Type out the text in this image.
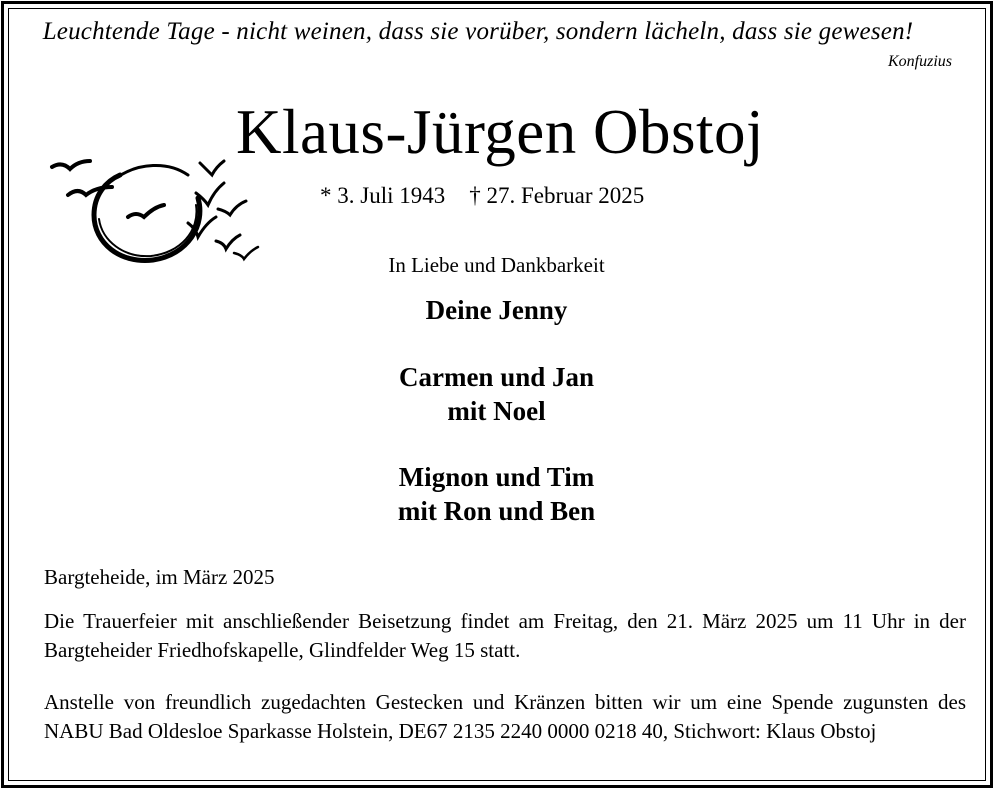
Leuchtende Tage - nicht weinen, dass sie vorüber, sondern lächeln, dass sie gewesen!
Konfuzius
Klaus-Jürgen Obstoj
* 3. Juli 1943 † 27. Februar 2025
In Liebe und Dankbarkeit
Deine Jenny
Carmen und Jan
mit Noel
Mignon und Tim
mit Ron und Ben
Bargteheide, im März 2025
Die Trauerfeier mit anschließender Beisetzung findet am Freitag, den 21. März 2025 um 11 Uhr in der Bargteheider Friedhofskapelle, Glindfelder Weg 15 statt.
Anstelle von freundlich zugedachten Gestecken und Kränzen bitten wir um eine Spende zugunsten des NABU Bad Oldesloe Sparkasse Holstein, DE67 2135 2240 0000 0218 40, Stichwort: Klaus Obstoj
